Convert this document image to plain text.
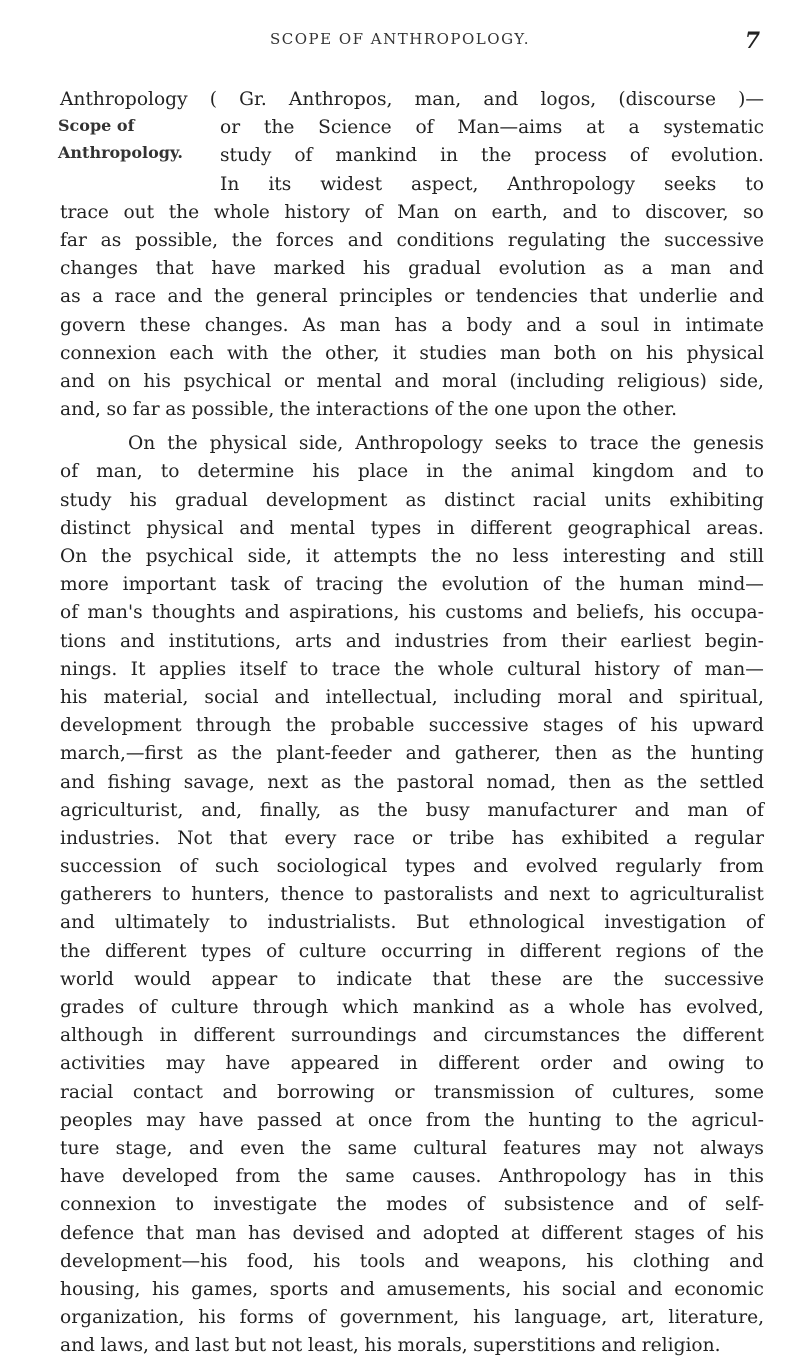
SCOPE OF ANTHROPOLOGY.	7
Scope of
Anthropology.
Anthropology ( Gr. Anthropos, man, and logos, (discourse )—
or the Science of Man—aims at a systematic
study of mankind in the process of evolution.
In its widest aspect, Anthropology seeks to
trace out the whole history of Man on earth, and to discover, so
far as possible, the forces and conditions regulating the successive
changes that have marked his gradual evolution as a man and
as a race and the general principles or tendencies that underlie and
govern these changes. As man has a body and a soul in intimate
connexion each with the other, it studies man both on his physical
and on his psychical or mental and moral (including religious) side,
and, so far as possible, the interactions of the one upon the other.
On the physical side, Anthropology seeks to trace the genesis
of man, to determine his place in the animal kingdom and to
study his gradual development as distinct racial units exhibiting
distinct physical and mental types in different geographical areas.
On the psychical side, it attempts the no less interesting and still
more important task of tracing the evolution of the human mind—
of man's thoughts and aspirations, his customs and beliefs, his occupa-
tions and institutions, arts and industries from their earliest begin-
nings. It applies itself to trace the whole cultural history of man—
his material, social and intellectual, including moral and spiritual,
development through the probable successive stages of his upward
march,—first as the plant-feeder and gatherer, then as the hunting
and fishing savage, next as the pastoral nomad, then as the settled
agriculturist, and, finally, as the busy manufacturer and man of
industries. Not that every race or tribe has exhibited a regular
succession of such sociological types and evolved regularly from
gatherers to hunters, thence to pastoralists and next to agriculturalist
and ultimately to industrialists. But ethnological investigation of
the different types of culture occurring in different regions of the
world would appear to indicate that these are the successive
grades of culture through which mankind as a whole has evolved,
although in different surroundings and circumstances the different
activities may have appeared in different order and owing to
racial contact and borrowing or transmission of cultures, some
peoples may have passed at once from the hunting to the agricul-
ture stage, and even the same cultural features may not always
have developed from the same causes. Anthropology has in this
connexion to investigate the modes of subsistence and of self-
defence that man has devised and adopted at different stages of his
development—his food, his tools and weapons, his clothing and
housing, his games, sports and amusements, his social and economic
organization, his forms of government, his language, art, literature,
and laws, and last but not least, his morals, superstitions and religion.
